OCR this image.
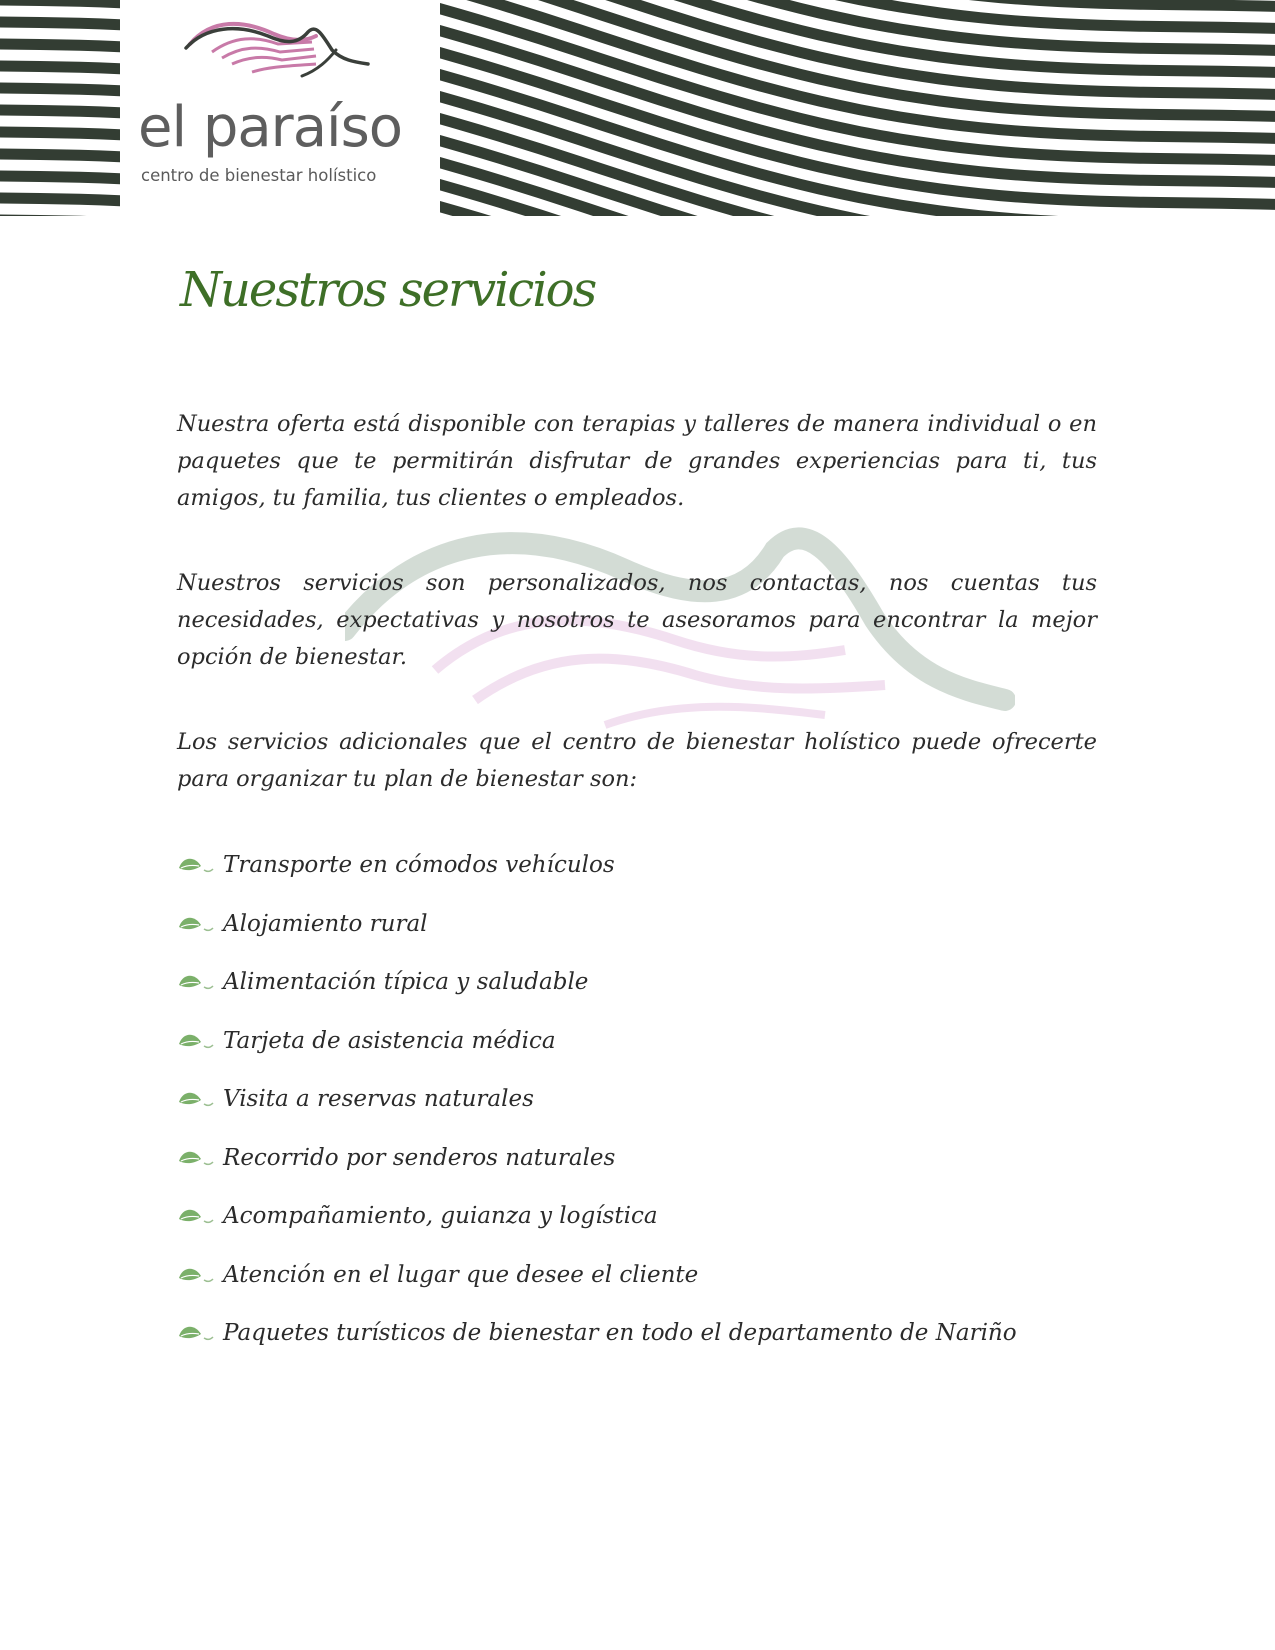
el paraíso
centro de bienestar holístico
Nuestros servicios

Nuestra oferta está disponible con terapias y talleres de manera individual o en paquetes que te permitirán disfrutar de grandes experiencias para ti, tus amigos, tu familia, tus clientes o empleados.

Nuestros servicios son personalizados, nos contactas, nos cuentas tus necesidades, expectativas y nosotros te asesoramos para encontrar la mejor opción de bienestar.

Los servicios adicionales que el centro de bienestar holístico puede ofrecerte para organizar tu plan de bienestar son:

Transporte en cómodos vehículos
Alojamiento rural
Alimentación típica y saludable
Tarjeta de asistencia médica
Visita a reservas naturales
Recorrido por senderos naturales
Acompañamiento, guianza y logística
Atención en el lugar que desee el cliente
Paquetes turísticos de bienestar en todo el departamento de Nariño
